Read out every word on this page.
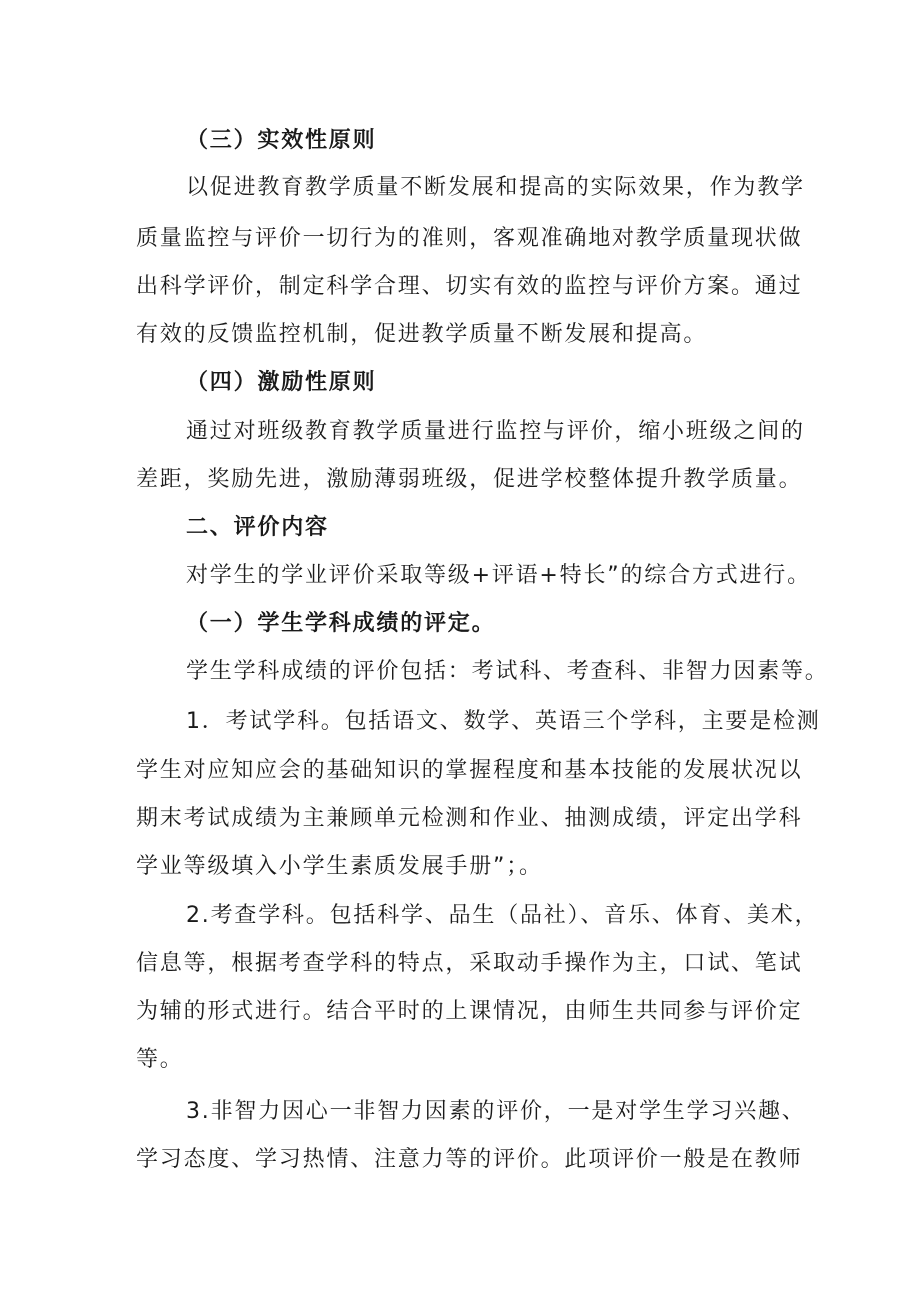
（三）实效性原则
以促进教育教学质量不断发展和提高的实际效果，作为教学
质量监控与评价一切行为的准则，客观准确地对教学质量现状做
出科学评价，制定科学合理、切实有效的监控与评价方案。通过
有效的反馈监控机制，促进教学质量不断发展和提高。
（四）激励性原则
通过对班级教育教学质量进行监控与评价，缩小班级之间的
差距，奖励先进，激励薄弱班级，促进学校整体提升教学质量。
二、评价内容
对学生的学业评价采取等级+评语+特长”的综合方式进行。
（一）学生学科成绩的评定。
学生学科成绩的评价包括：考试科、考查科、非智力因素等。
1．考试学科。包括语文、数学、英语三个学科，主要是检测
学生对应知应会的基础知识的掌握程度和基本技能的发展状况以
期末考试成绩为主兼顾单元检测和作业、抽测成绩，评定出学科
学业等级填入小学生素质发展手册”；。
2.考查学科。包括科学、品生（品社）、音乐、体育、美术，
信息等，根据考查学科的特点，采取动手操作为主，口试、笔试
为辅的形式进行。结合平时的上课情况，由师生共同参与评价定
等。
3.非智力因心一非智力因素的评价，一是对学生学习兴趣、
学习态度、学习热情、注意力等的评价。此项评价一般是在教师
